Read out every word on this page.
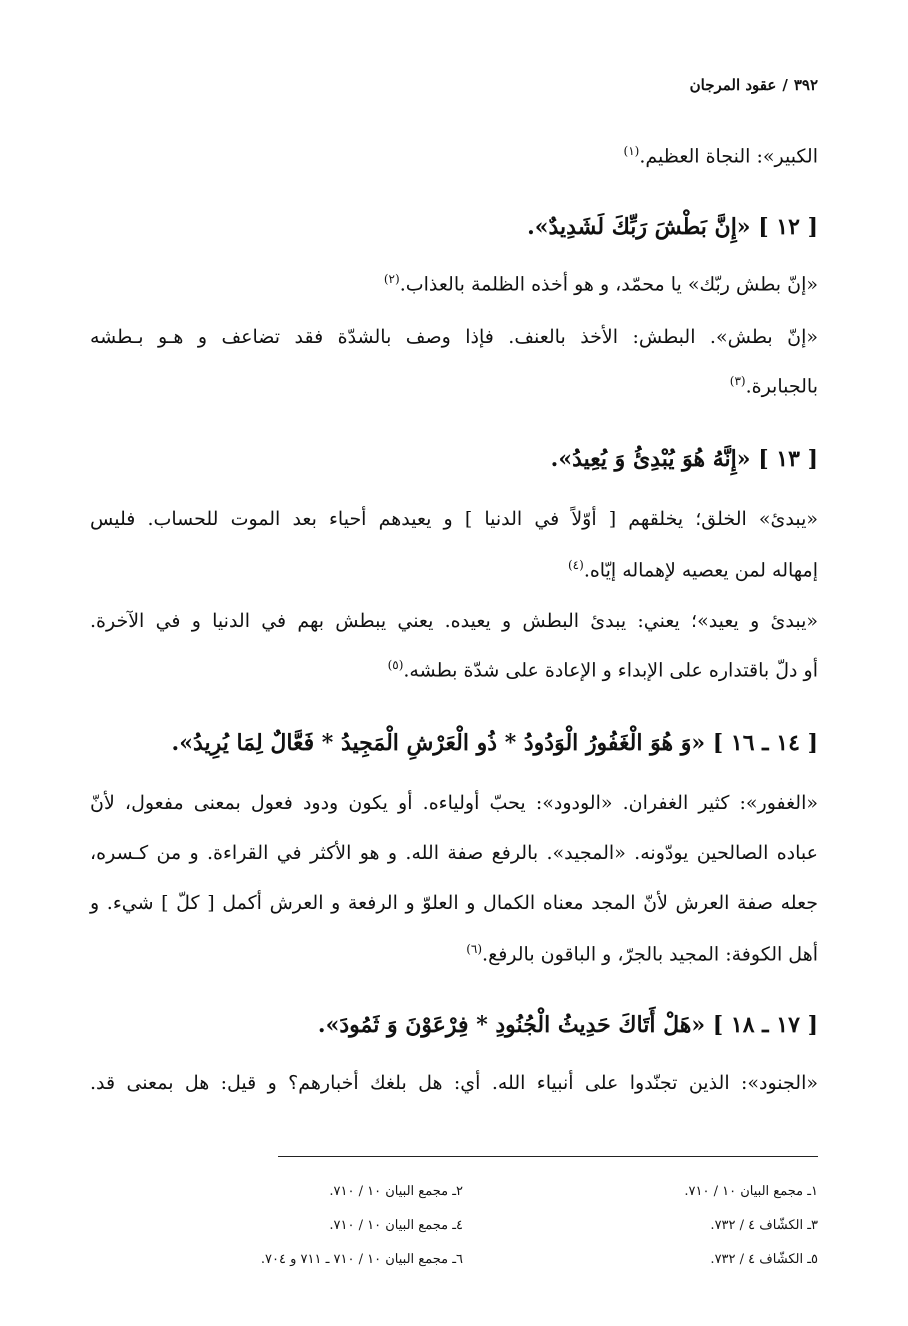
٣٩٢/عقود المرجان
الكبير»: النجاة العظيم.$^{(١)}$
[ ١٢ ] «إِنَّ بَطْشَ رَبِّكَ لَشَدِيدٌ».
«إنّ بطش ربّك» يا محمّد، و هو أخذه الظلمة بالعذاب.$^{(٢)}$
«إنّ بطش». البطش: الأخذ بالعنف. فإذا وصف بالشدّة فقد تضاعف و هـو بـطشه
بالجبابرة.$^{(٣)}$
[ ١٣ ] «إِنَّهُ هُوَ يُبْدِئُ وَ يُعِيدُ».
«يبدئ» الخلق؛ يخلقهم [ أوّلاً في الدنيا ] و يعيدهم أحياء بعد الموت للحساب. فليس
إمهاله لمن يعصيه لإهماله إيّاه.$^{(٤)}$
«يبدئ و يعيد»؛ يعني: يبدئ البطش و يعيده. يعني يبطش بهم في الدنيا و في الآخرة.
أو دلّ باقتداره على الإبداء و الإعادة على شدّة بطشه.$^{(٥)}$
[ ١٤ ـ ١٦ ] «وَ هُوَ الْغَفُورُ الْوَدُودُ * ذُو الْعَرْشِ الْمَجِيدُ * فَعَّالٌ لِمَا يُرِيدُ».
«الغفور»: كثير الغفران. «الودود»: يحبّ أولياءه. أو يكون ودود فعول بمعنى مفعول، لأنّ
عباده الصالحين يودّونه. «المجيد». بالرفع صفة الله. و هو الأكثر في القراءة. و من كـسره،
جعله صفة العرش لأنّ المجد معناه الكمال و العلوّ و الرفعة و العرش أكمل [ كلّ ] شيء. و
أهل الكوفة: المجيد بالجرّ، و الباقون بالرفع.$^{(٦)}$
[ ١٧ ـ ١٨ ] «هَلْ أَتَاكَ حَدِيثُ الْجُنُودِ * فِرْعَوْنَ وَ ثَمُودَ».
«الجنود»: الذين تجنّدوا على أنبياء الله. أي: هل بلغك أخبارهم؟ و قيل: هل بمعنى قد.
١ـ مجمع البيان ١٠ / ٧١٠.
٢ـ مجمع البيان ١٠ / ٧١٠.
٣ـ الكشّاف ٤ / ٧٣٢.
٤ـ مجمع البيان ١٠ / ٧١٠.
٥ـ الكشّاف ٤ / ٧٣٢.
٦ـ مجمع البيان ١٠ / ٧١٠ ـ ٧١١ و ٧٠٤.
